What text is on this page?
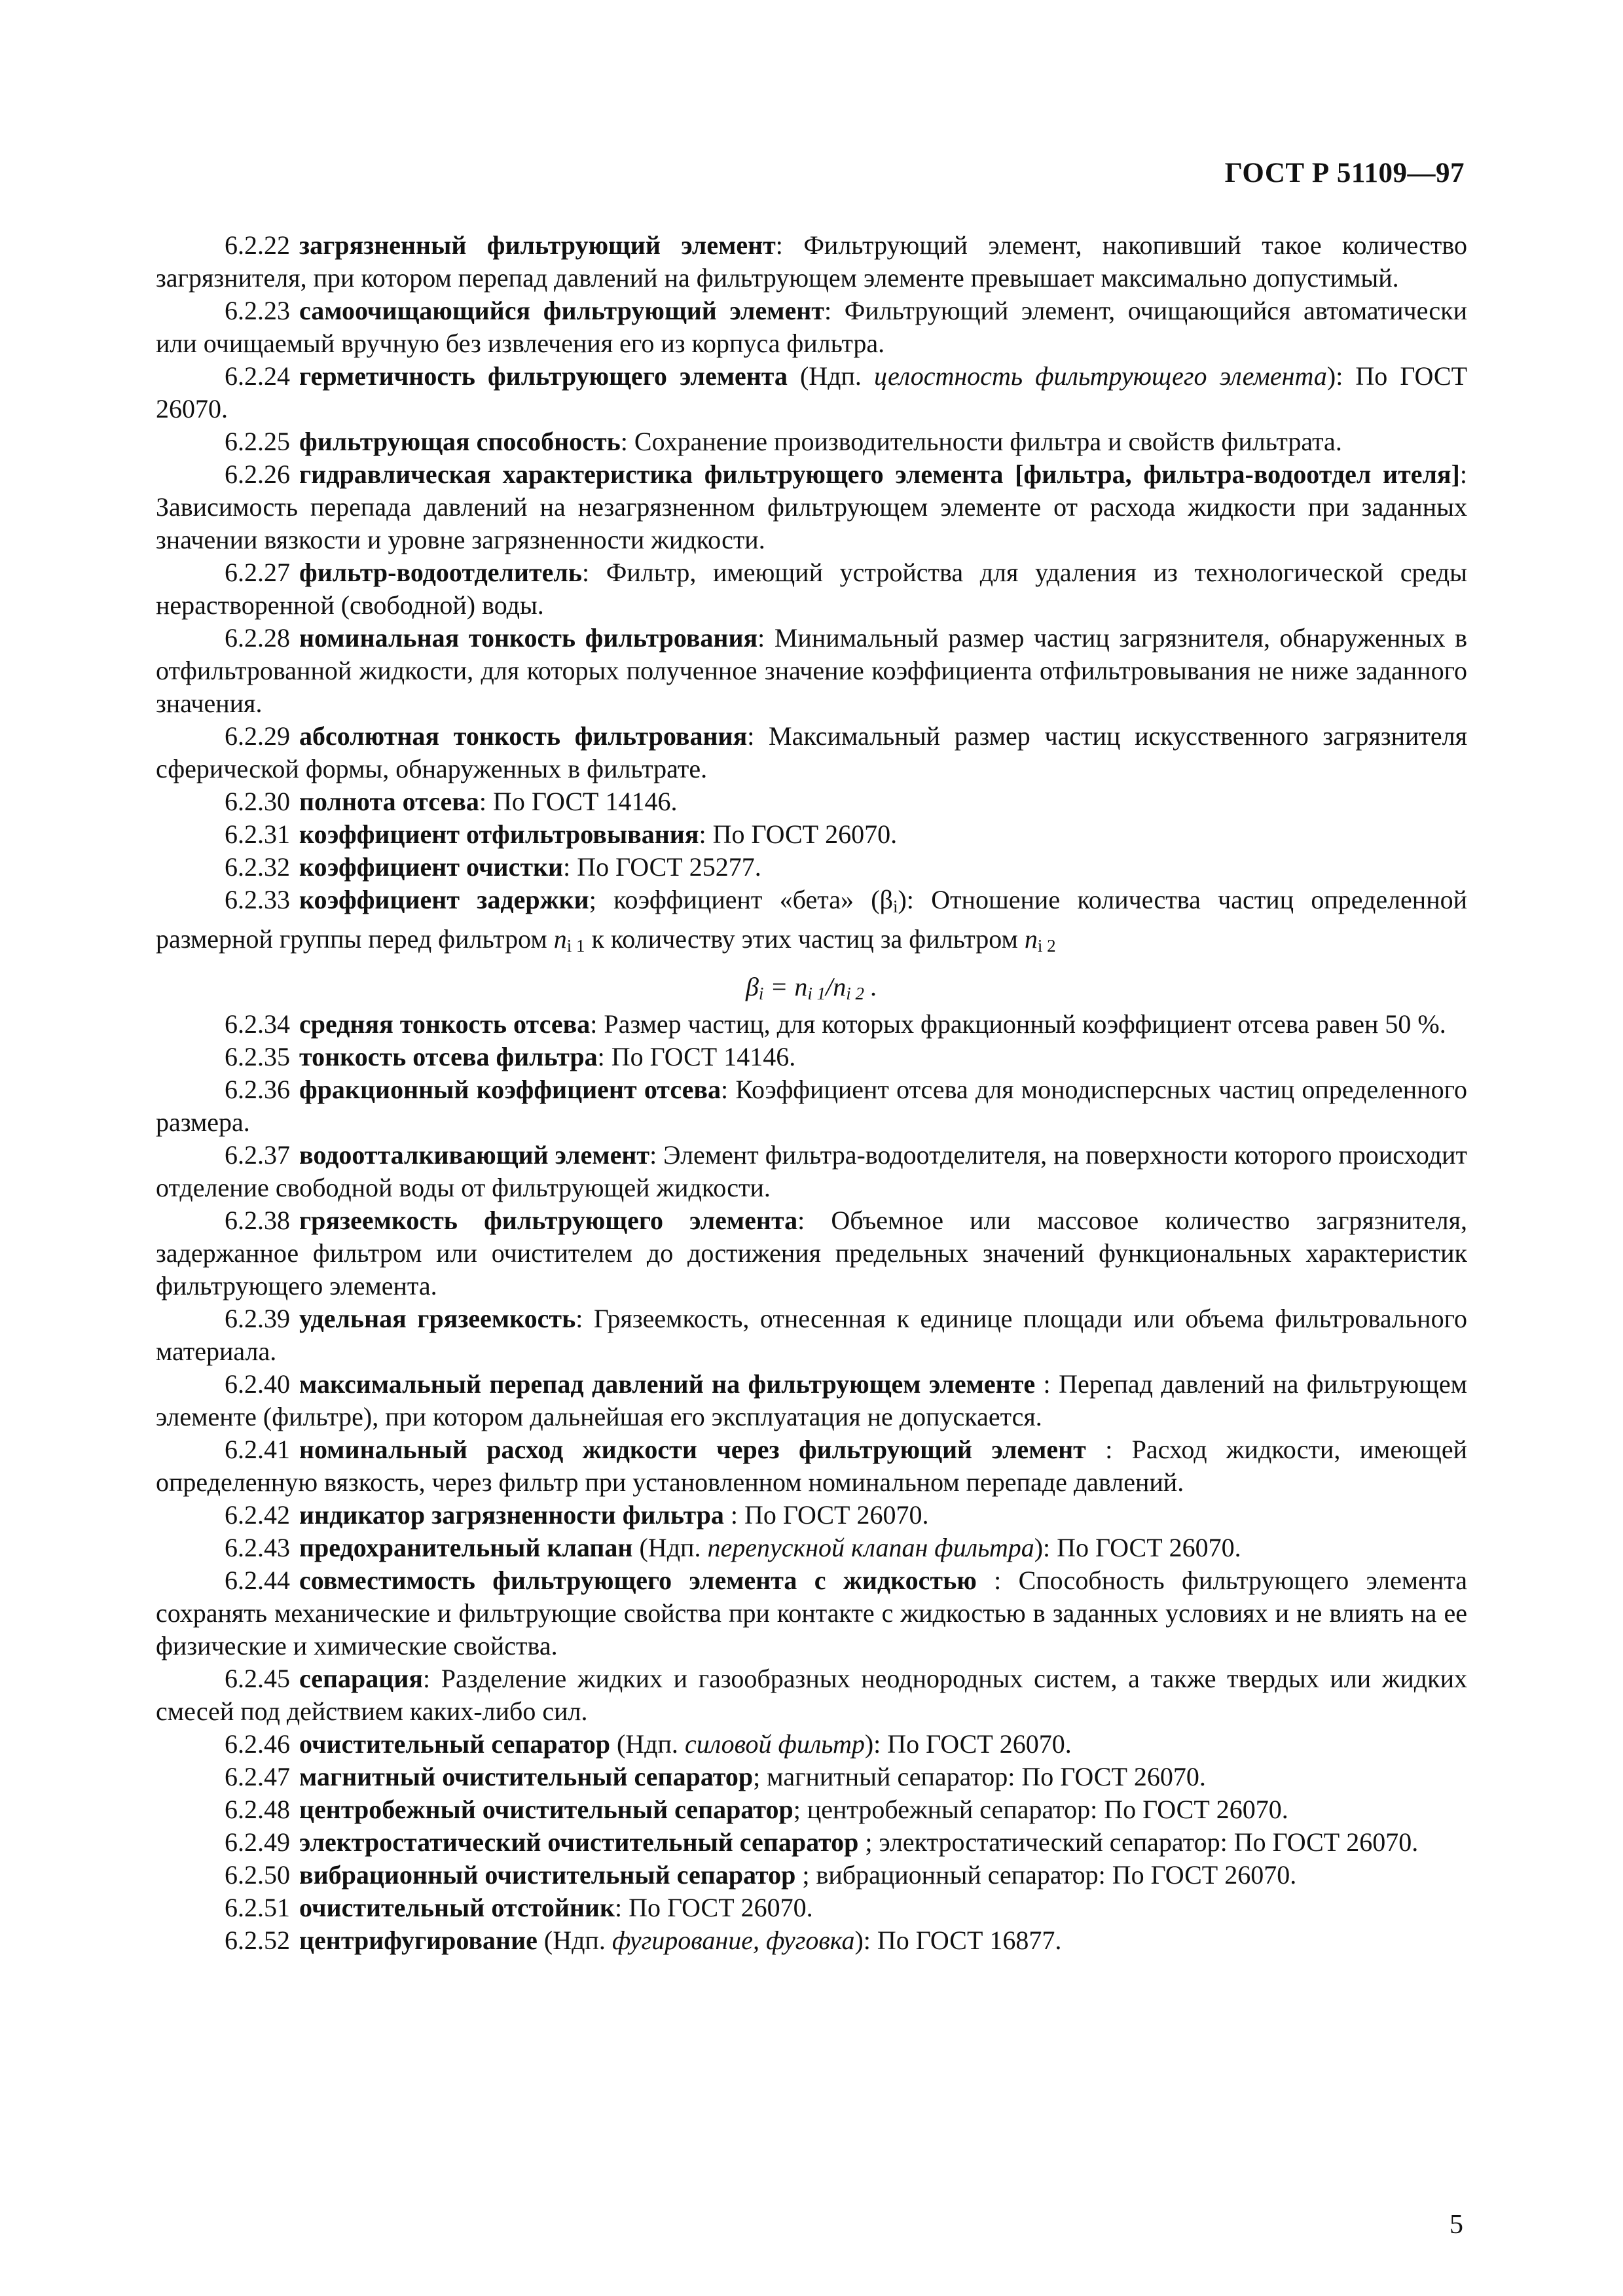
ГОСТ Р 51109—97

6.2.22 загрязненный фильтрующий элемент: Фильтрующий элемент, накопивший такое количество загрязнителя, при котором перепад давлений на фильтрующем элементе превышает максимально допустимый.

6.2.23 самоочищающийся фильтрующий элемент: Фильтрующий элемент, очищающийся автоматически или очищаемый вручную без извлечения его из корпуса фильтра.

6.2.24 герметичность фильтрующего элемента (Ндп. целостность фильтрующего элемента): По ГОСТ 26070.

6.2.25 фильтрующая способность: Сохранение производительности фильтра и свойств фильтрата.

6.2.26 гидравлическая характеристика фильтрующего элемента [фильтра, фильтра-водоотдел ителя]: Зависимость перепада давлений на незагрязненном фильтрующем элементе от расхода жидкости при заданных значении вязкости и уровне загрязненности жидкости.

6.2.27 фильтр-водоотделитель: Фильтр, имеющий устройства для удаления из технологической среды нерастворенной (свободной) воды.

6.2.28 номинальная тонкость фильтрования: Минимальный размер частиц загрязнителя, обнаруженных в отфильтрованной жидкости, для которых полученное значение коэффициента отфильтровывания не ниже заданного значения.

6.2.29 абсолютная тонкость фильтрования: Максимальный размер частиц искусственного загрязнителя сферической формы, обнаруженных в фильтрате.

6.2.30 полнота отсева: По ГОСТ 14146.

6.2.31 коэффициент отфильтровывания: По ГОСТ 26070.

6.2.32 коэффициент очистки: По ГОСТ 25277.

6.2.33 коэффициент задержки; коэффициент «бета» $(\beta_i)$: Отношение количества частиц определенной размерной группы перед фильтром $n_{i 1}$ к количеству этих частиц за фильтром $n_{i 2}$

$\beta_i = n_{i 1}/n_{i 2}$ .

6.2.34 средняя тонкость отсева: Размер частиц, для которых фракционный коэффициент отсева равен 50 %.

6.2.35 тонкость отсева фильтра: По ГОСТ 14146.

6.2.36 фракционный коэффициент отсева: Коэффициент отсева для монодисперсных частиц определенного размера.

6.2.37 водоотталкивающий элемент: Элемент фильтра-водоотделителя, на поверхности которого происходит отделение свободной воды от фильтрующей жидкости.

6.2.38 грязеемкость фильтрующего элемента: Объемное или массовое количество загрязнителя, задержанное фильтром или очистителем до достижения предельных значений функциональных характеристик фильтрующего элемента.

6.2.39 удельная грязеемкость: Грязеемкость, отнесенная к единице площади или объема фильтровального материала.

6.2.40 максимальный перепад давлений на фильтрующем элементе : Перепад давлений на фильтрующем элементе (фильтре), при котором дальнейшая его эксплуатация не допускается.

6.2.41 номинальный расход жидкости через фильтрующий элемент : Расход жидкости, имеющей определенную вязкость, через фильтр при установленном номинальном перепаде давлений.

6.2.42 индикатор загрязненности фильтра : По ГОСТ 26070.

6.2.43 предохранительный клапан (Ндп. перепускной клапан фильтра): По ГОСТ 26070.

6.2.44 совместимость фильтрующего элемента с жидкостью : Способность фильтрующего элемента сохранять механические и фильтрующие свойства при контакте с жидкостью в заданных условиях и не влиять на ее физические и химические свойства.

6.2.45 сепарация: Разделение жидких и газообразных неоднородных систем, а также твердых или жидких смесей под действием каких-либо сил.

6.2.46 очистительный сепаратор (Ндп. силовой фильтр): По ГОСТ 26070.

6.2.47 магнитный очистительный сепаратор; магнитный сепаратор: По ГОСТ 26070.

6.2.48 центробежный очистительный сепаратор; центробежный сепаратор: По ГОСТ 26070.

6.2.49 электростатический очистительный сепаратор ; электростатический сепаратор: По ГОСТ 26070.

6.2.50 вибрационный очистительный сепаратор ; вибрационный сепаратор: По ГОСТ 26070.

6.2.51 очистительный отстойник: По ГОСТ 26070.

6.2.52 центрифугирование (Ндп. фугирование, фуговка): По ГОСТ 16877.

5
